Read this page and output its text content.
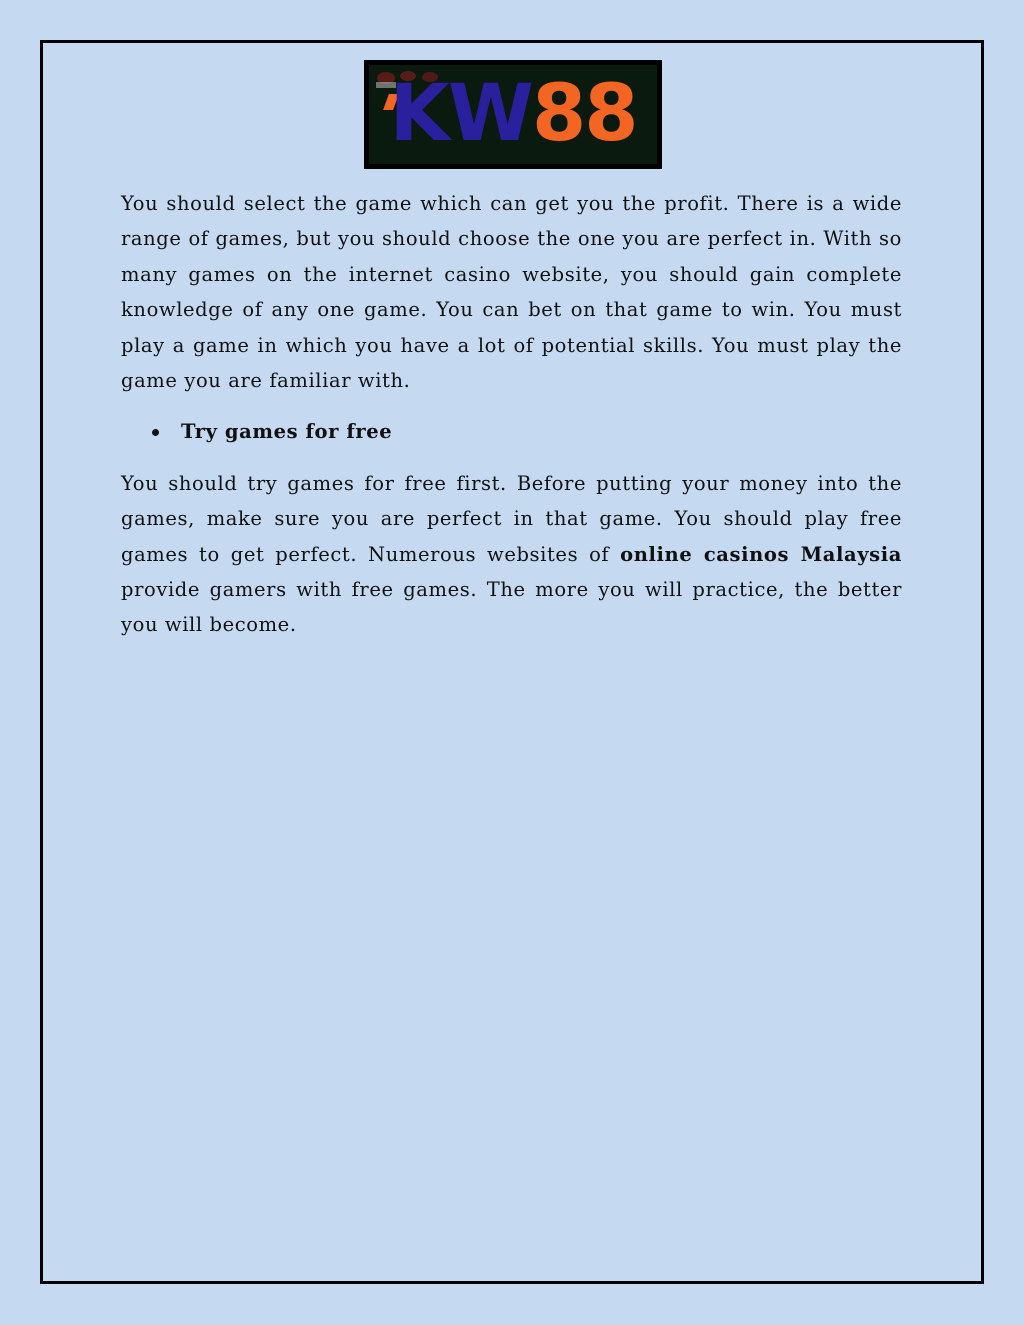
KW88

You should select the game which can get you the profit. There is a wide range of games, but you should choose the one you are perfect in. With so many games on the internet casino website, you should gain complete knowledge of any one game. You can bet on that game to win. You must play a game in which you have a lot of potential skills. You must play the game you are familiar with.

Try games for free

You should try games for free first. Before putting your money into the games, make sure you are perfect in that game. You should play free games to get perfect. Numerous websites of online casinos Malaysia provide gamers with free games. The more you will practice, the better you will become.
